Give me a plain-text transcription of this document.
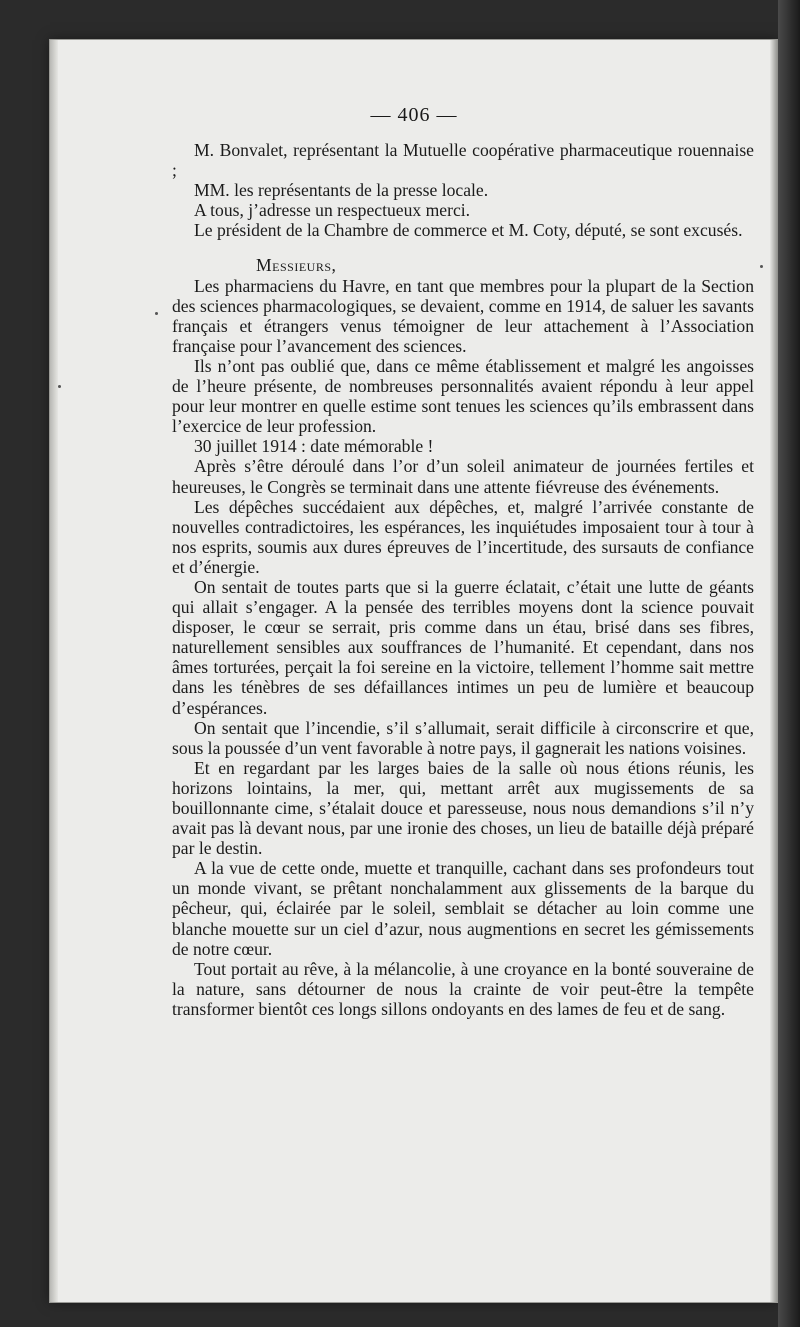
— 406 —

M. Bonvalet, représentant la Mutuelle coopérative pharmaceutique rouennaise ;

MM. les représentants de la presse locale.

A tous, j’adresse un respectueux merci.

Le président de la Chambre de commerce et M. Coty, député, se sont excusés.

Messieurs,

Les pharmaciens du Havre, en tant que membres pour la plupart de la Section des sciences pharmacologiques, se devaient, comme en 1914, de saluer les savants français et étrangers venus témoigner de leur attachement à l’Association française pour l’avancement des sciences.

Ils n’ont pas oublié que, dans ce même établissement et malgré les angoisses de l’heure présente, de nombreuses personnalités avaient répondu à leur appel pour leur montrer en quelle estime sont tenues les sciences qu’ils embrassent dans l’exercice de leur profession.

30 juillet 1914 : date mémorable !

Après s’être déroulé dans l’or d’un soleil animateur de journées fertiles et heureuses, le Congrès se terminait dans une attente fiévreuse des événements.

Les dépêches succédaient aux dépêches, et, malgré l’arrivée constante de nouvelles contradictoires, les espérances, les inquiétudes imposaient tour à tour à nos esprits, soumis aux dures épreuves de l’incertitude, des sursauts de confiance et d’énergie.

On sentait de toutes parts que si la guerre éclatait, c’était une lutte de géants qui allait s’engager. A la pensée des terribles moyens dont la science pouvait disposer, le cœur se serrait, pris comme dans un étau, brisé dans ses fibres, naturellement sensibles aux souffrances de l’humanité. Et cependant, dans nos âmes torturées, perçait la foi sereine en la victoire, tellement l’homme sait mettre dans les ténèbres de ses défaillances intimes un peu de lumière et beaucoup d’espérances.

On sentait que l’incendie, s’il s’allumait, serait difficile à circonscrire et que, sous la poussée d’un vent favorable à notre pays, il gagnerait les nations voisines.

Et en regardant par les larges baies de la salle où nous étions réunis, les horizons lointains, la mer, qui, mettant arrêt aux mugissements de sa bouillonnante cime, s’étalait douce et paresseuse, nous nous demandions s’il n’y avait pas là devant nous, par une ironie des choses, un lieu de bataille déjà préparé par le destin.

A la vue de cette onde, muette et tranquille, cachant dans ses profondeurs tout un monde vivant, se prêtant nonchalamment aux glissements de la barque du pêcheur, qui, éclairée par le soleil, semblait se détacher au loin comme une blanche mouette sur un ciel d’azur, nous augmentions en secret les gémissements de notre cœur.

Tout portait au rêve, à la mélancolie, à une croyance en la bonté souveraine de la nature, sans détourner de nous la crainte de voir peut-être la tempête transformer bientôt ces longs sillons ondoyants en des lames de feu et de sang.
